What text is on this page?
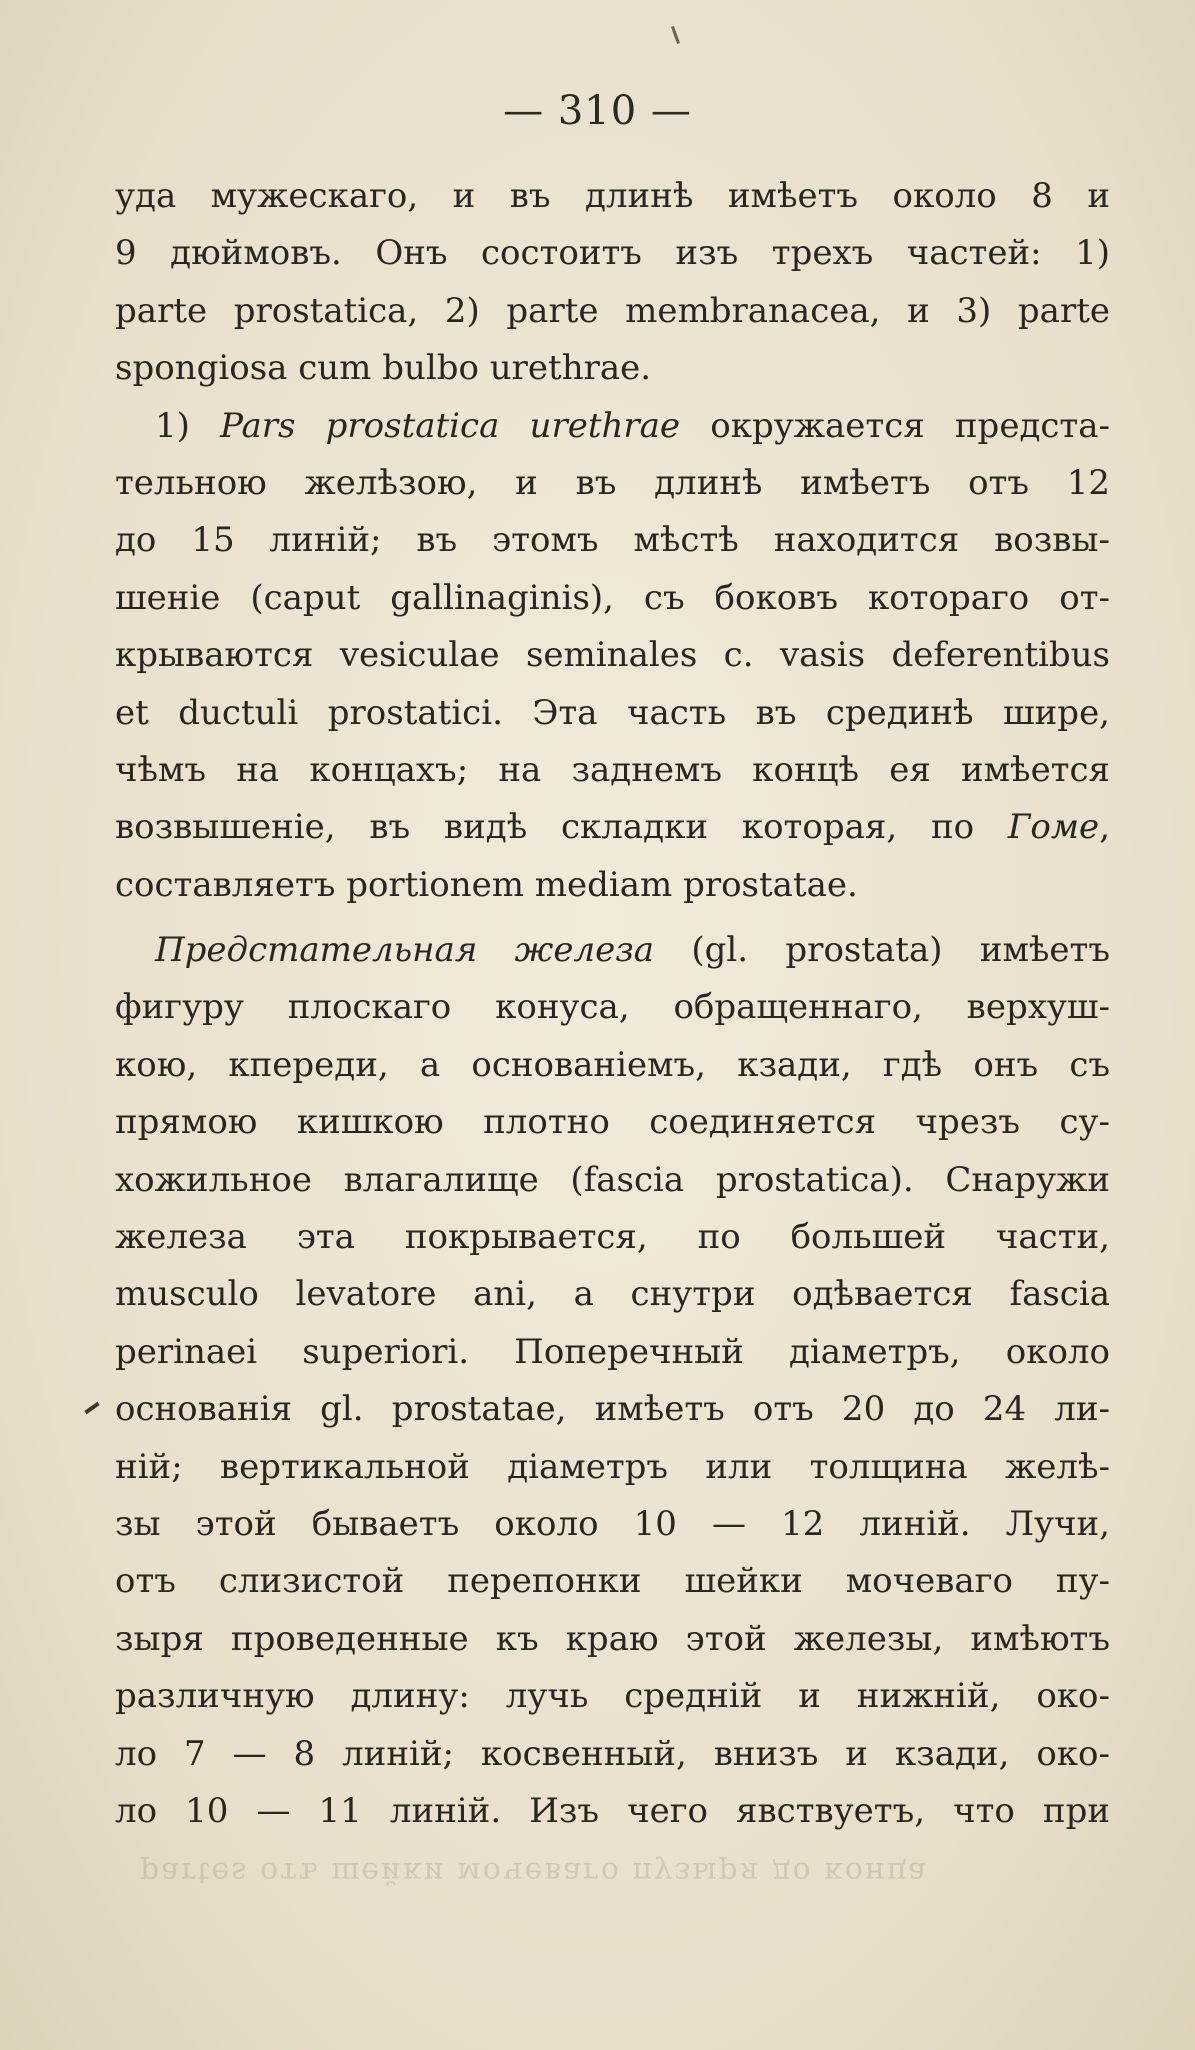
— 310 —
уда мужескаго, и въ длинѣ имѣетъ около 8 и
9 дюймовъ. Онъ состоитъ изъ трехъ частей: 1)
parte prostatica, 2) parte membranacea, и 3) parte
spongiosa cum bulbo urethrae.
1) Pars prostatica urethrae окружается предста-
тельною желѣзою, и въ длинѣ имѣетъ отъ 12
до 15 линій; въ этомъ мѣстѣ находится возвы-
шеніе (caput gallinaginis), съ боковъ котораго от-
крываются vesiculae seminales c. vasis deferentibus
et ductuli prostatici. Эта часть въ срединѣ шире,
чѣмъ на концахъ; на заднемъ концѣ ея имѣется
возвышеніе, въ видѣ складки которая, по Гоме,
составляетъ portionem mediam prostatae.
Предстательная железа (gl. prostata) имѣетъ
фигуру плоскаго конуса, обращеннаго, верхуш-
кою, кпереди, а основаніемъ, кзади, гдѣ онъ съ
прямою кишкою плотно соединяется чрезъ су-
хожильное влагалище (fascia prostatica). Снаружи
железа эта покрывается, по большей части,
musculo levatore ani, а снутри одѣвается fascia
perinaei superiori. Поперечный діаметръ, около
основанія gl. prostatae, имѣетъ отъ 20 до 24 ли-
ній; вертикальной діаметръ или толщина желѣ-
зы этой бываетъ около 10 — 12 линій. Лучи,
отъ слизистой перепонки шейки мочеваго пу-
зыря проведенные къ краю этой железы, имѣютъ
различную длину: лучь средній и нижній, око-
ло 7 — 8 линій; косвенный, внизъ и кзади, око-
ло 10 — 11 линій. Изъ чего явствуетъ, что при
partes отъ шейки мочеваго пузыря до конца
